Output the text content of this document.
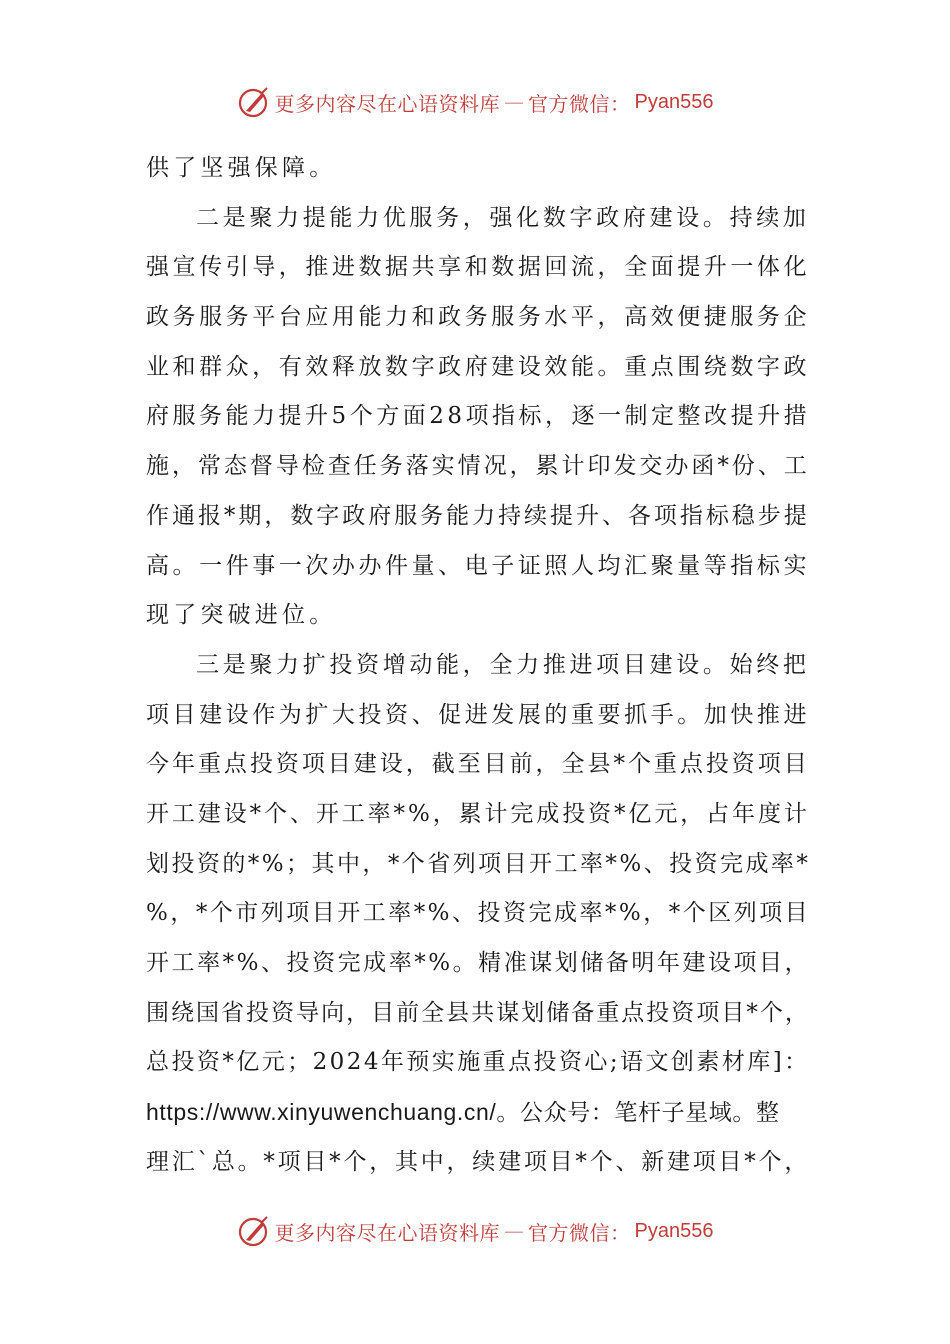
更多内容尽在心语资料库 — 官方微信： Pyan556
供了坚强保障。
二是聚力提能力优服务，强化数字政府建设。持续加
强宣传引导，推进数据共享和数据回流，全面提升一体化
政务服务平台应用能力和政务服务水平，高效便捷服务企
业和群众，有效释放数字政府建设效能。重点围绕数字政
府服务能力提升5个方面28项指标，逐一制定整改提升措
施，常态督导检查任务落实情况，累计印发交办函*份、工
作通报*期，数字政府服务能力持续提升、各项指标稳步提
高。一件事一次办办件量、电子证照人均汇聚量等指标实
现了突破进位。
三是聚力扩投资增动能，全力推进项目建设。始终把
项目建设作为扩大投资、促进发展的重要抓手。加快推进
今年重点投资项目建设，截至目前，全县*个重点投资项目
开工建设*个、开工率*%，累计完成投资*亿元，占年度计
划投资的*%；其中，*个省列项目开工率*%、投资完成率*
%，*个市列项目开工率*%、投资完成率*%，*个区列项目
开工率*%、投资完成率*%。精准谋划储备明年建设项目，
围绕国省投资导向，目前全县共谋划储备重点投资项目*个，
总投资*亿元；2024年预实施重点投资心;语文创素材库]：
https://www.xinyuwenchuang.cn/。公众号：笔杆子星域。整
理汇`总。*项目*个，其中，续建项目*个、新建项目*个，
更多内容尽在心语资料库 — 官方微信： Pyan556
